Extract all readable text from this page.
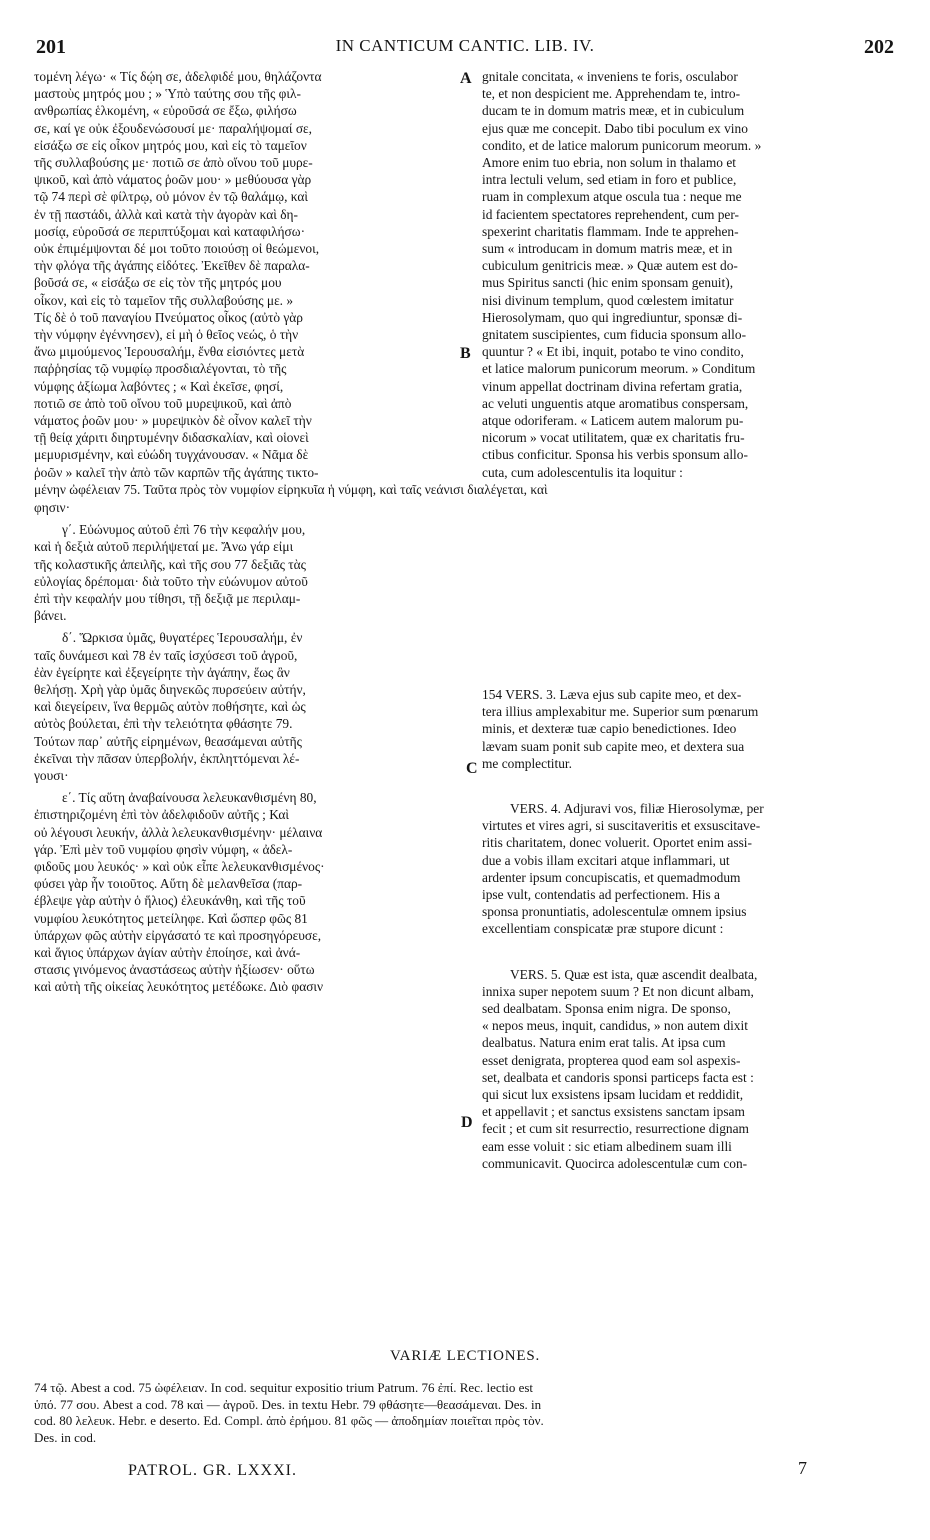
201	IN CANTICUM CANTIC. LIB. IV.	202
A
B
C
D

τομένη λέγω· « Τίς δῴη σε, ἀδελφιδέ μου, θηλάζοντα

μαστοὺς μητρός μου ; » Ὑπὸ ταύτης σου τῆς φιλ-

ανθρωπίας ἑλκομένη, « εὑροῦσά σε ἔξω, φιλήσω

σε, καί γε οὐκ ἐξουδενώσουσί με· παραλήψομαί σε,

εἰσάξω σε εἰς οἶκον μητρός μου, καὶ εἰς τὸ ταμεῖον

τῆς συλλαβούσης με· ποτιῶ σε ἀπὸ οἴνου τοῦ μυρε-

ψικοῦ, καὶ ἀπὸ νάματος ῥοῶν μου· » μεθύουσα γὰρ

τῷ 74 περὶ σὲ φίλτρῳ, οὐ μόνον ἐν τῷ θαλάμῳ, καὶ

ἐν τῇ παστάδι, ἀλλὰ καὶ κατὰ τὴν ἀγορὰν καὶ δη-

μοσίᾳ, εὑροῦσά σε περιπτύξομαι καὶ καταφιλήσω·

οὐκ ἐπιμέμψονται δέ μοι τοῦτο ποιούσῃ οἱ θεώμενοι,

τὴν φλόγα τῆς ἀγάπης εἰδότες. Ἐκεῖθεν δὲ παραλα-

βοῦσά σε, « εἰσάξω σε εἰς τὸν τῆς μητρός μου

οἶκον, καὶ εἰς τὸ ταμεῖον τῆς συλλαβούσης με. »

Τίς δὲ ὁ τοῦ παναγίου Πνεύματος οἶκος (αὐτὸ γὰρ

τὴν νύμφην ἐγέννησεν), εἰ μὴ ὁ θεῖος νεώς, ὁ τὴν

ἄνω μιμούμενος Ἱερουσαλήμ, ἔνθα εἰσιόντες μετὰ

παῤῥησίας τῷ νυμφίῳ προσδιαλέγονται, τὸ τῆς

νύμφης ἀξίωμα λαβόντες ; « Καὶ ἐκεῖσε, φησί,

ποτιῶ σε ἀπὸ τοῦ οἴνου τοῦ μυρεψικοῦ, καὶ ἀπὸ

νάματος ῥοῶν μου· » μυρεψικὸν δὲ οἶνον καλεῖ τὴν

τῇ θείᾳ χάριτι διηρτυμένην διδασκαλίαν, καὶ οἱονεὶ

μεμυρισμένην, καὶ εὐώδη τυγχάνουσαν. « Νᾶμα δὲ

ῥοῶν » καλεῖ τὴν ἀπὸ τῶν καρπῶν τῆς ἀγάπης τικτο-

gnitale concitata, « inveniens te foris, osculabor

te, et non despicient me. Apprehendam te, intro-

ducam te in domum matris meæ, et in cubiculum

ejus quæ me concepit. Dabo tibi poculum ex vino

condito, et de latice malorum punicorum meorum. »

Amore enim tuo ebria, non solum in thalamo et

intra lectuli velum, sed etiam in foro et publice,

ruam in complexum atque oscula tua : neque me

id facientem spectatores reprehendent, cum per-

spexerint charitatis flammam. Inde te apprehen-

sum « introducam in domum matris meæ, et in

cubiculum genitricis meæ. » Quæ autem est do-

mus Spiritus sancti (hic enim sponsam genuit),

nisi divinum templum, quod cœlestem imitatur

Hierosolymam, quo qui ingrediuntur, sponsæ di-

gnitatem suscipientes, cum fiducia sponsum allo-

quuntur ? « Et ibi, inquit, potabo te vino condito,

et latice malorum punicorum meorum. » Conditum

vinum appellat doctrinam divina refertam gratia,

ac veluti unguentis atque aromatibus conspersam,

atque odoriferam. « Laticem autem malorum pu-

nicorum » vocat utilitatem, quæ ex charitatis fru-

ctibus conficitur. Sponsa his verbis sponsum allo-

cuta, cum adolescentulis ita loquitur :

μένην ὠφέλειαν 75. Ταῦτα πρὸς τὸν νυμφίον εἰρηκυῖα ἡ νύμφη, καὶ ταῖς νεάνισι διαλέγεται, καὶ

φησιν·

γ΄. Εὐώνυμος αὐτοῦ ἐπὶ 76 τὴν κεφαλήν μου,

καὶ ἡ δεξιὰ αὐτοῦ περιλήψεταί με. Ἄνω γάρ εἰμι

τῆς κολαστικῆς ἀπειλῆς, καὶ τῆς σου 77 δεξιᾶς τὰς

εὐλογίας δρέπομαι· διὰ τοῦτο τὴν εὐώνυμον αὐτοῦ

ἐπὶ τὴν κεφαλήν μου τίθησι, τῇ δεξιᾷ με περιλαμ-

βάνει.

δ΄. Ὥρκισα ὑμᾶς, θυγατέρες Ἱερουσαλήμ, ἐν

ταῖς δυνάμεσι καὶ 78 ἐν ταῖς ἰσχύσεσι τοῦ ἀγροῦ,

ἐὰν ἐγείρητε καὶ ἐξεγείρητε τὴν ἀγάπην, ἕως ἂν

θελήσῃ. Χρὴ γὰρ ὑμᾶς διηνεκῶς πυρσεύειν αὐτήν,

καὶ διεγείρειν, ἵνα θερμῶς αὐτὸν ποθήσητε, καὶ ὡς

αὐτὸς βούλεται, ἐπὶ τὴν τελειότητα φθάσητε 79.

Τούτων παρ᾽ αὐτῆς εἰρημένων, θεασάμεναι αὐτῆς

ἐκεῖναι τὴν πᾶσαν ὑπερβολήν, ἐκπληττόμεναι λέ-

γουσι·

ε΄. Τίς αὕτη ἀναβαίνουσα λελευκανθισμένη 80,

ἐπιστηριζομένη ἐπὶ τὸν ἀδελφιδοῦν αὐτῆς ; Καὶ

οὐ λέγουσι λευκήν, ἀλλὰ λελευκανθισμένην· μέλαινα

γάρ. Ἐπὶ μὲν τοῦ νυμφίου φησὶν νύμφη, « ἀδελ-

φιδοῦς μου λευκός· » καὶ οὐκ εἶπε λελευκανθισμένος·

φύσει γὰρ ἦν τοιοῦτος. Αὕτη δὲ μελανθεῖσα (παρ-

έβλεψε γὰρ αὐτὴν ὁ ἥλιος) ἐλευκάνθη, καὶ τῆς τοῦ

νυμφίου λευκότητος μετείληφε. Καὶ ὥσπερ φῶς 81

ὑπάρχων φῶς αὐτὴν εἰργάσατό τε καὶ προσηγόρευσε,

καὶ ἅγιος ὑπάρχων ἁγίαν αὐτὴν ἐποίησε, καὶ ἀνά-

στασις γινόμενος ἀναστάσεως αὐτὴν ἠξίωσεν· οὕτω

καὶ αὐτὴ τῆς οἰκείας λευκότητος μετέδωκε. Διὸ φασιν

154 VERS. 3. Læva ejus sub capite meo, et dex-

tera illius amplexabitur me. Superior sum pœnarum

minis, et dexteræ tuæ capio benedictiones. Ideo

lævam suam ponit sub capite meo, et dextera sua

me complectitur.

VERS. 4. Adjuravi vos, filiæ Hierosolymæ, per

virtutes et vires agri, si suscitaveritis et exsuscitave-

ritis charitatem, donec voluerit. Oportet enim assi-

due a vobis illam excitari atque inflammari, ut

ardenter ipsum concupiscatis, et quemadmodum

ipse vult, contendatis ad perfectionem. His a

sponsa pronuntiatis, adolescentulæ omnem ipsius

excellentiam conspicatæ præ stupore dicunt :

VERS. 5. Quæ est ista, quæ ascendit dealbata,

innixa super nepotem suum ? Et non dicunt albam,

sed dealbatam. Sponsa enim nigra. De sponso,

« nepos meus, inquit, candidus, » non autem dixit

dealbatus. Natura enim erat talis. At ipsa cum

esset denigrata, propterea quod eam sol aspexis-

set, dealbata et candoris sponsi particeps facta est :

qui sicut lux exsistens ipsam lucidam et reddidit,

et appellavit ; et sanctus exsistens sanctam ipsam

fecit ; et cum sit resurrectio, resurrectione dignam

eam esse voluit : sic etiam albedinem suam illi

communicavit. Quocirca adolescentulæ cum con-

VARIÆ LECTIONES.
74 τῷ. Abest a cod. 75 ὠφέλειαν. In cod. sequitur expositio trium Patrum. 76 ἐπί. Rec. lectio est
ὑπό. 77 σου. Abest a cod. 78 καὶ — ἀγροῦ. Des. in textu Hebr. 79 φθάσητε—θεασάμεναι. Des. in
cod. 80 λελευκ. Hebr. e deserto. Ed. Compl. ἀπὸ ἐρήμου. 81 φῶς — ἀποδημίαν ποιεῖται πρὸς τὸν.
Des. in cod.
PATROL. GR. LXXXI.	7
